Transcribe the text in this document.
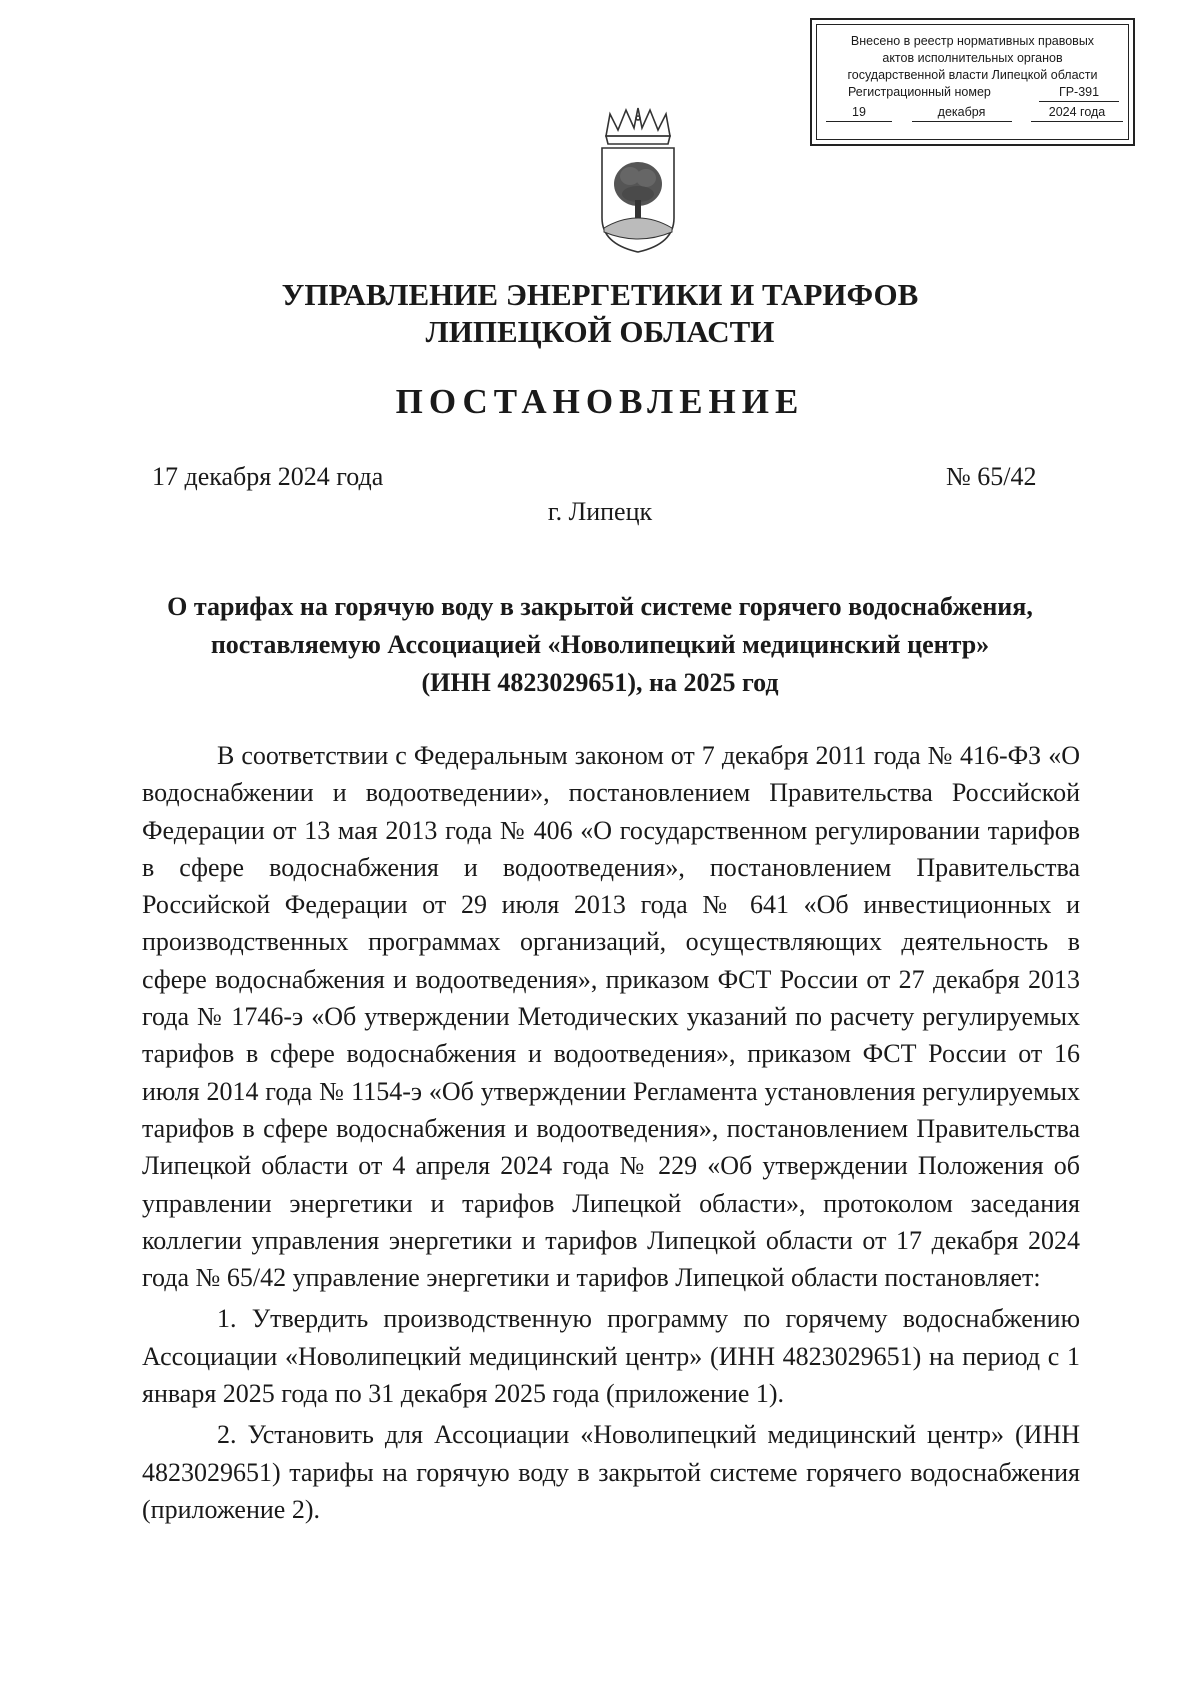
Внесено в реестр нормативных правовых
актов исполнительных органов
государственной власти Липецкой области
Регистрационный номер	ГР-391
19	декабря	2024 года
УПРАВЛЕНИЕ ЭНЕРГЕТИКИ И ТАРИФОВ
ЛИПЕЦКОЙ ОБЛАСТИ
ПОСТАНОВЛЕНИЕ
17 декабря 2024 года	№ 65/42
г. Липецк
О тарифах на горячую воду в закрытой системе горячего водоснабжения,
поставляемую Ассоциацией «Новолипецкий медицинский центр»
(ИНН 4823029651), на 2025 год

В соответствии с Федеральным законом от 7 декабря 2011 года № 416-ФЗ «О водоснабжении и водоотведении», постановлением Правительства Российской Федерации от 13 мая 2013 года № 406 «О государственном регулировании тарифов в сфере водоснабжения и водоотведения», постановлением Правительства Российской Федерации от 29 июля 2013 года № 641 «Об инвестиционных и производственных программах организаций, осуществляющих деятельность в сфере водоснабжения и водоотведения», приказом ФСТ России от 27 декабря 2013 года № 1746-э «Об утверждении Методических указаний по расчету регулируемых тарифов в сфере водоснабжения и водоотведения», приказом ФСТ России от 16 июля 2014 года № 1154-э «Об утверждении Регламента установления регулируемых тарифов в сфере водоснабжения и водоотведения», постановлением Правительства Липецкой области от 4 апреля 2024 года № 229 «Об утверждении Положения об управлении энергетики и тарифов Липецкой области», протоколом заседания коллегии управления энергетики и тарифов Липецкой области от 17 декабря 2024 года № 65/42 управление энергетики и тарифов Липецкой области постановляет:

1. Утвердить производственную программу по горячему водоснабжению Ассоциации «Новолипецкий медицинский центр» (ИНН 4823029651) на период с 1 января 2025 года по 31 декабря 2025 года (приложение 1).

2. Установить для Ассоциации «Новолипецкий медицинский центр» (ИНН 4823029651) тарифы на горячую воду в закрытой системе горячего водоснабжения (приложение 2).
